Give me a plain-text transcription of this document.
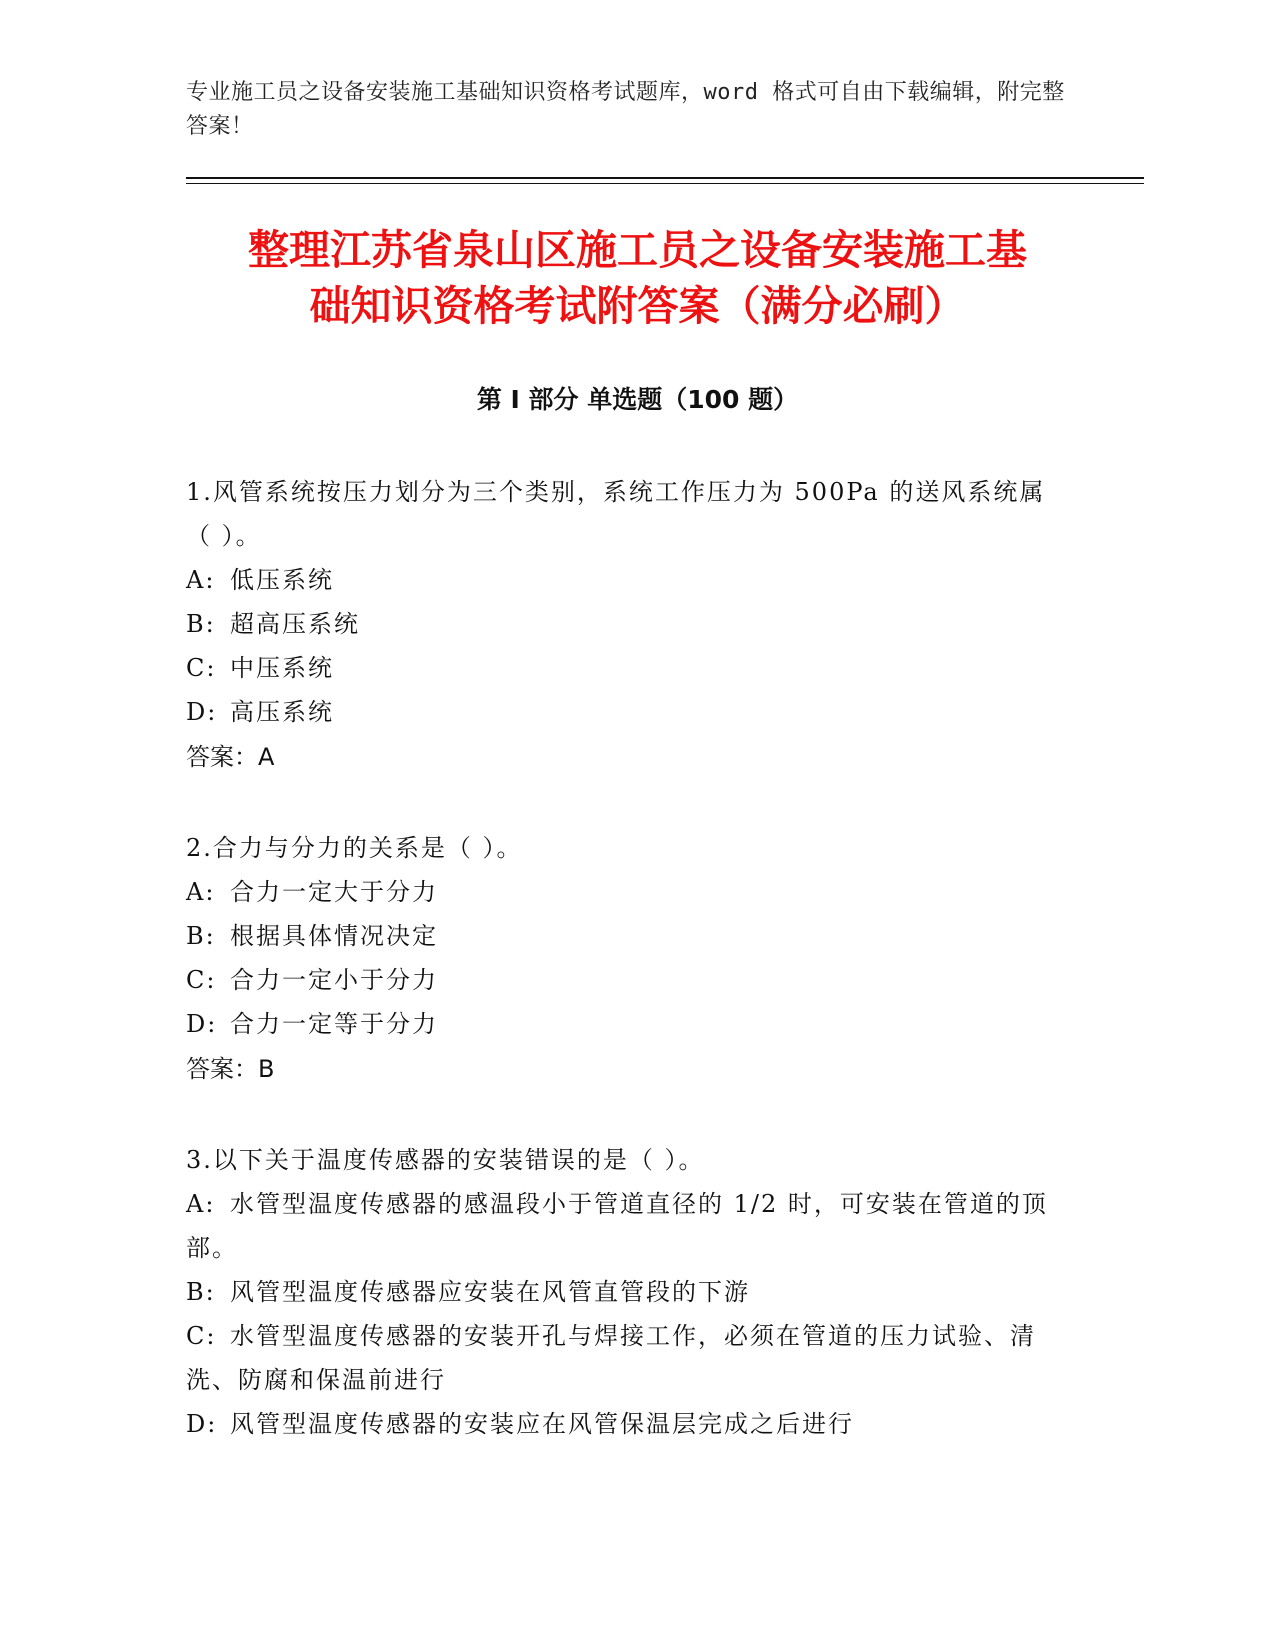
专业施工员之设备安装施工基础知识资格考试题库，word 格式可自由下载编辑，附完整答案！
整理江苏省泉山区施工员之设备安装施工基
础知识资格考试附答案（满分必刷）
第 I 部分 单选题（100 题）
1.风管系统按压力划分为三个类别，系统工作压力为 500Pa 的送风系统属（ ）。
A: 低压系统
B: 超高压系统
C: 中压系统
D: 高压系统
答案：A
2.合力与分力的关系是（ ）。
A: 合力一定大于分力
B: 根据具体情况决定
C: 合力一定小于分力
D: 合力一定等于分力
答案：B
3.以下关于温度传感器的安装错误的是（ ）。
A: 水管型温度传感器的感温段小于管道直径的 1/2 时，可安装在管道的顶部。
B: 风管型温度传感器应安装在风管直管段的下游
C: 水管型温度传感器的安装开孔与焊接工作，必须在管道的压力试验、清洗、防腐和保温前进行
D: 风管型温度传感器的安装应在风管保温层完成之后进行
